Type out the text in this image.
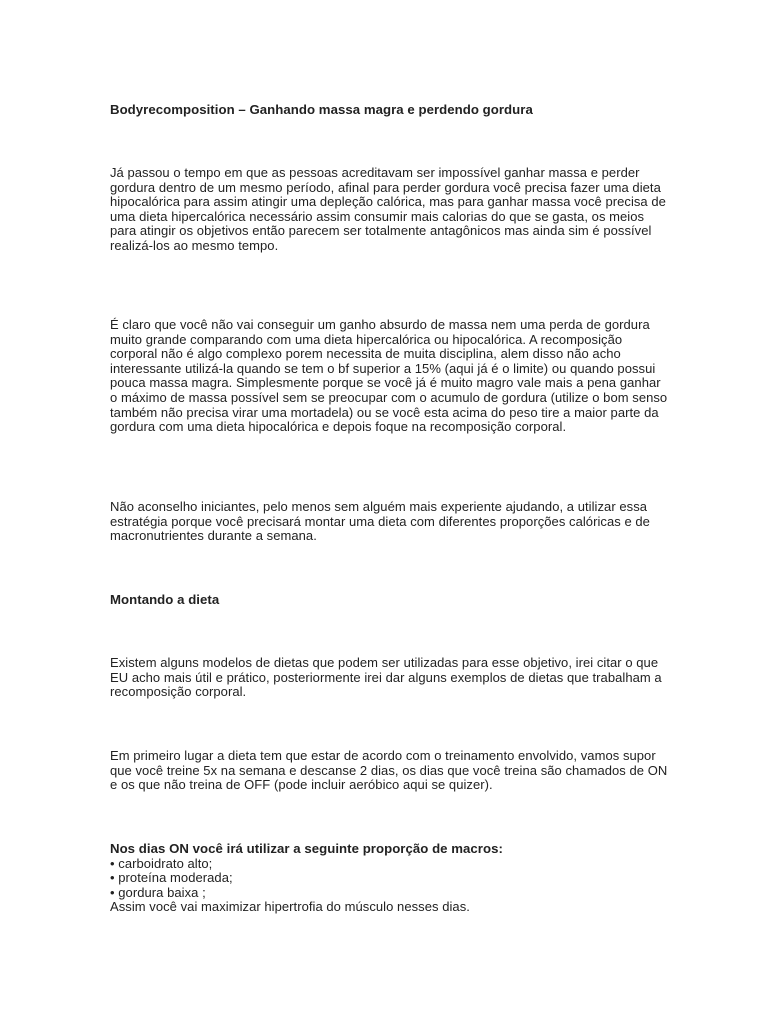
Bodyrecomposition – Ganhando massa magra e perdendo gordura

Já passou o tempo em que as pessoas acreditavam ser impossível ganhar massa e perder gordura dentro de um mesmo período, afinal para perder gordura você precisa fazer uma dieta hipocalórica para assim atingir uma depleção calórica, mas para ganhar massa você precisa de uma dieta hipercalórica necessário assim consumir mais calorias do que se gasta, os meios para atingir os objetivos então parecem ser totalmente antagônicos mas ainda sim é possível realizá-los ao mesmo tempo.

É claro que você não vai conseguir um ganho absurdo de massa nem uma perda de gordura muito grande comparando com uma dieta hipercalórica ou hipocalórica. A recomposição corporal não é algo complexo porem necessita de muita disciplina, alem disso não acho interessante utilizá-la quando se tem o bf superior a 15% (aqui já é o limite) ou quando possui pouca massa magra. Simplesmente porque se você já é muito magro vale mais a pena ganhar o máximo de massa possível sem se preocupar com o acumulo de gordura (utilize o bom senso também não precisa virar uma mortadela) ou se você esta acima do peso tire a maior parte da gordura com uma dieta hipocalórica e depois foque na recomposição corporal.

Não aconselho iniciantes, pelo menos sem alguém mais experiente ajudando, a utilizar essa estratégia porque você precisará montar uma dieta com diferentes proporções calóricas e de macronutrientes durante a semana.

Montando a dieta

Existem alguns modelos de dietas que podem ser utilizadas para esse objetivo, irei citar o que EU acho mais útil e prático, posteriormente irei dar alguns exemplos de dietas que trabalham a recomposição corporal.

Em primeiro lugar a dieta tem que estar de acordo com o treinamento envolvido, vamos supor que você treine 5x na semana e descanse 2 dias, os dias que você treina são chamados de ON e os que não treina de OFF (pode incluir aeróbico aqui se quizer).

Nos dias ON você irá utilizar a seguinte proporção de macros:
• carboidrato alto;
• proteína moderada;
• gordura baixa ;
Assim você vai maximizar hipertrofia do músculo nesses dias.
